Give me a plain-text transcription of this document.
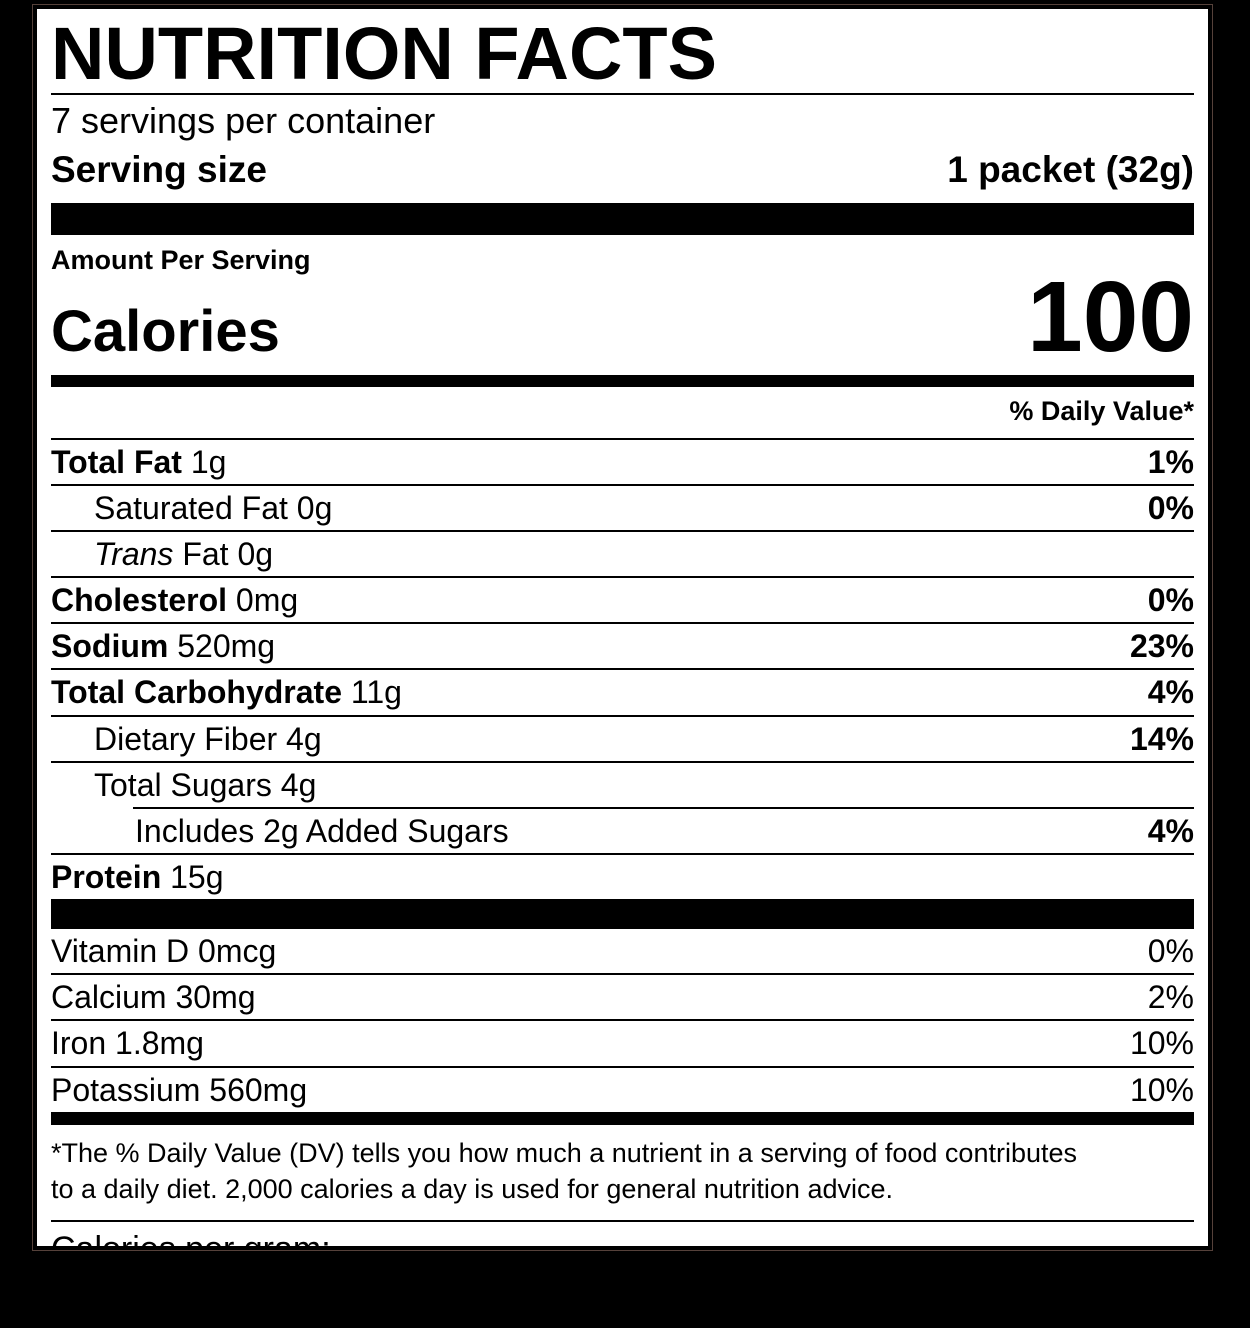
NUTRITION FACTS
7 servings per container
Serving size	1 packet (32g)
Amount Per Serving
Calories	100
% Daily Value*
Total Fat 1g	1%
Saturated Fat 0g	0%
Trans Fat 0g
Cholesterol 0mg	0%
Sodium 520mg	23%
Total Carbohydrate 11g	4%
Dietary Fiber 4g	14%
Total Sugars 4g
Includes 2g Added Sugars	4%
Protein 15g
Vitamin D 0mcg	0%
Calcium 30mg	2%
Iron 1.8mg	10%
Potassium 560mg	10%
*The % Daily Value (DV) tells you how much a nutrient in a serving of food contributes
to a daily diet. 2,000 calories a day is used for general nutrition advice.
Calories per gram:
Fat 9	•	Carbohydrate 4	•	Protein 4
